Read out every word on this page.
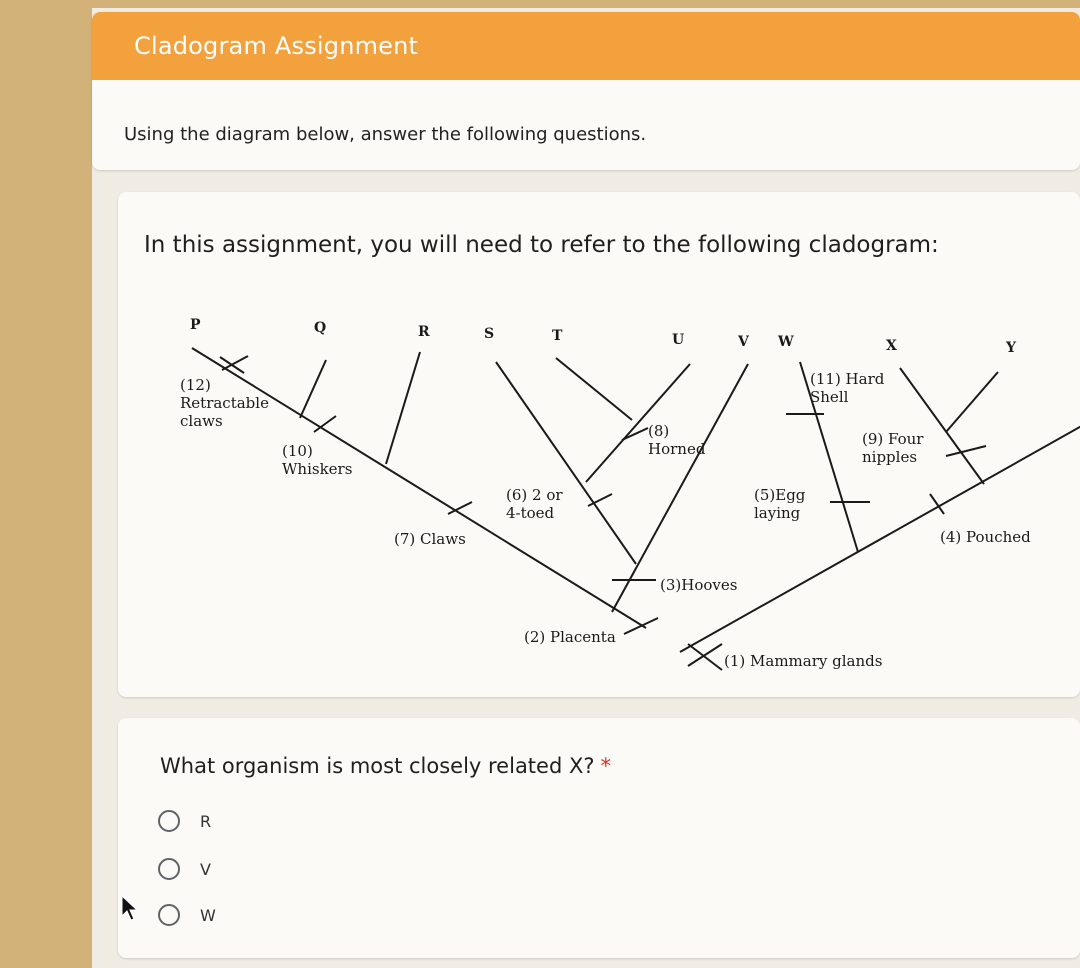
Cladogram Assignment
Using the diagram below, answer the following questions.
In this assignment, you will need to refer to the following cladogram:
P	Q	R	S	T	U	V W	X	Y
(12)
Retractable
claws
(10)
Whiskers
(7) Claws
(6) 2 or
4-toed
(8)
Horned
(3)Hooves
(2) Placenta
(1) Mammary glands
(11) Hard
Shell
(5)Egg
laying
(9) Four
nipples
(4) Pouched
What organism is most closely related X? *
R
V
W
